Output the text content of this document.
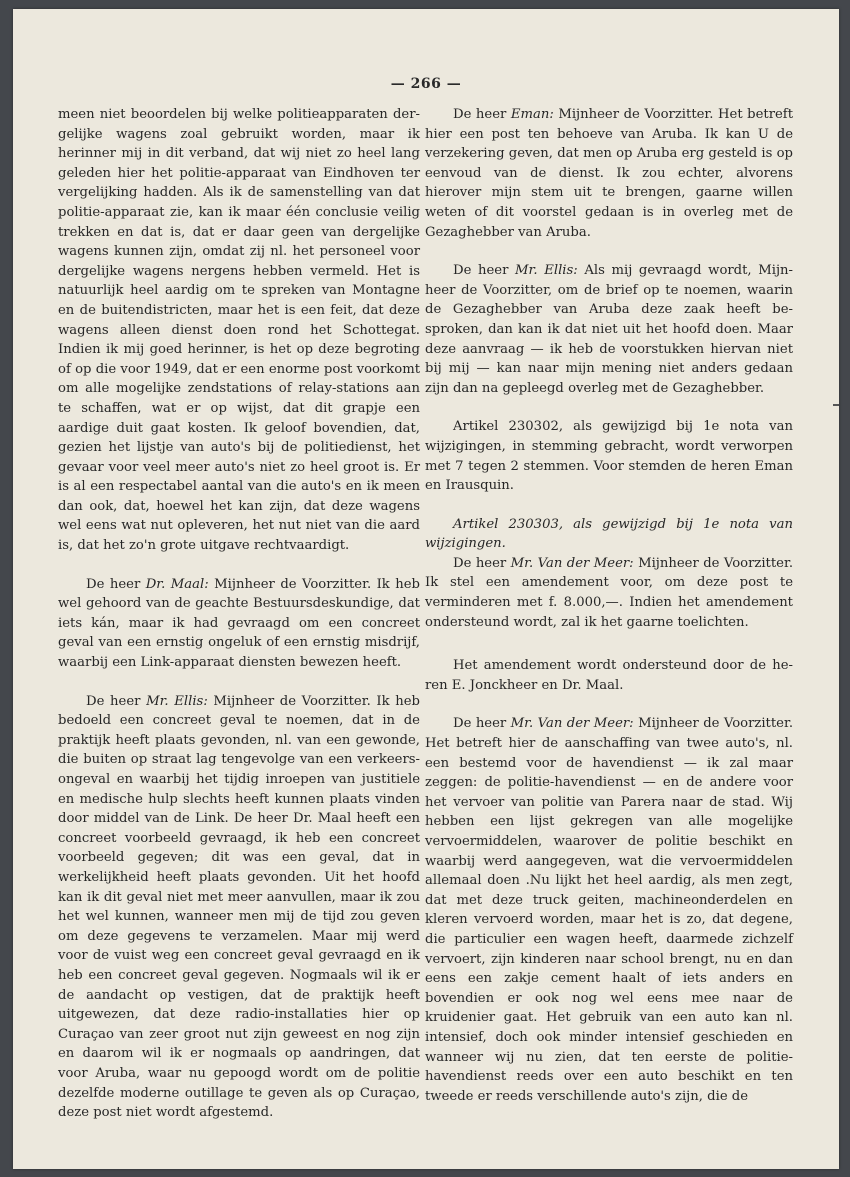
— 266 —

meen niet beoordelen bij welke politieapparaten dergelijke wagens zoal gebruikt worden, maar ik herinner mij in dit verband, dat wij niet zo heel lang geleden hier het politie-apparaat van Eindhoven ter vergelijking hadden. Als ik de samenstelling van dat politie-apparaat zie, kan ik maar één conclusie veilig trekken en dat is, dat er daar geen van dergelijke wagens kunnen zijn, omdat zij nl. het personeel voor dergelijke wagens nergens hebben vermeld. Het is natuurlijk heel aardig om te spreken van Montagne en de buitendistricten, maar het is een feit, dat deze wagens alleen dienst doen rond het Schottegat. Indien ik mij goed herinner, is het op deze begroting of op die voor 1949, dat er een enorme post voorkomt om alle mogelijke zendstations of relay-stations aan te schaffen, wat er op wijst, dat dit grapje een aardige duit gaat kosten. Ik geloof bovendien, dat, gezien het lijstje van auto's bij de politiedienst, het gevaar voor veel meer auto's niet zo heel groot is. Er is al een respectabel aantal van die auto's en ik meen dan ook, dat, hoewel het kan zijn, dat deze wagens wel eens wat nut opleveren, het nut niet van die aard is, dat het zo'n grote uitgave rechtvaardigt.

De heer Dr. Maal: Mijnheer de Voorzitter. Ik heb wel gehoord van de geachte Bestuursdeskundige, dat iets kán, maar ik had gevraagd om een concreet geval van een ernstig ongeluk of een ernstig misdrijf, waarbij een Link-apparaat diensten bewezen heeft.

De heer Mr. Ellis: Mijnheer de Voorzitter. Ik heb bedoeld een concreet geval te noemen, dat in de praktijk heeft plaats gevonden, nl. van een gewonde, die buiten op straat lag tengevolge van een verkeersongeval en waarbij het tijdig inroepen van justitiele en medische hulp slechts heeft kunnen plaats vinden door middel van de Link. De heer Dr. Maal heeft een concreet voorbeeld gevraagd, ik heb een concreet voorbeeld gegeven; dit was een geval, dat in werkelijkheid heeft plaats gevonden. Uit het hoofd kan ik dit geval niet met meer aanvullen, maar ik zou het wel kunnen, wanneer men mij de tijd zou geven om deze gegevens te verzamelen. Maar mij werd voor de vuist weg een concreet geval gevraagd en ik heb een concreet geval gegeven. Nogmaals wil ik er de aandacht op vestigen, dat de praktijk heeft uitgewezen, dat deze radio-installaties hier op Curaçao van zeer groot nut zijn geweest en nog zijn en daarom wil ik er nogmaals op aandringen, dat voor Aruba, waar nu gepoogd wordt om de politie dezelfde moderne outillage te geven als op Curaçao, deze post niet wordt afgestemd.

De heer Eman: Mijnheer de Voorzitter. Het betreft hier een post ten behoeve van Aruba. Ik kan U de verzekering geven, dat men op Aruba erg gesteld is op eenvoud van de dienst. Ik zou echter, alvorens hierover mijn stem uit te brengen, gaarne willen weten of dit voorstel gedaan is in overleg met de Gezaghebber van Aruba.

De heer Mr. Ellis: Als mij gevraagd wordt, Mijnheer de Voorzitter, om de brief op te noemen, waarin de Gezaghebber van Aruba deze zaak heeft besproken, dan kan ik dat niet uit het hoofd doen. Maar deze aanvraag — ik heb de voorstukken hiervan niet bij mij — kan naar mijn mening niet anders gedaan zijn dan na gepleegd overleg met de Gezaghebber.

Artikel 230302, als gewijzigd bij 1e nota van wijzigingen, in stemming gebracht, wordt verworpen met 7 tegen 2 stemmen. Voor stemden de heren Eman en Irausquin.

Artikel 230303, als gewijzigd bij 1e nota van wijzigingen.

De heer Mr. Van der Meer: Mijnheer de Voorzitter. Ik stel een amendement voor, om deze post te verminderen met f. 8.000,—. Indien het amendement ondersteund wordt, zal ik het gaarne toelichten.

Het amendement wordt ondersteund door de heren E. Jonckheer en Dr. Maal.

De heer Mr. Van der Meer: Mijnheer de Voorzitter. Het betreft hier de aanschaffing van twee auto's, nl. een bestemd voor de havendienst — ik zal maar zeggen: de politie-havendienst — en de andere voor het vervoer van politie van Parera naar de stad. Wij hebben een lijst gekregen van alle mogelijke vervoermiddelen, waarover de politie beschikt en waarbij werd aangegeven, wat die vervoermiddelen allemaal doen .Nu lijkt het heel aardig, als men zegt, dat met deze truck geiten, machineonderdelen en kleren vervoerd worden, maar het is zo, dat degene, die particulier een wagen heeft, daarmede zichzelf vervoert, zijn kinderen naar school brengt, nu en dan eens een zakje cement haalt of iets anders en bovendien er ook nog wel eens mee naar de kruidenier gaat. Het gebruik van een auto kan nl. intensief, doch ook minder intensief geschieden en wanneer wij nu zien, dat ten eerste de politie-havendienst reeds over een auto beschikt en ten tweede er reeds verschillende auto's zijn, die de
